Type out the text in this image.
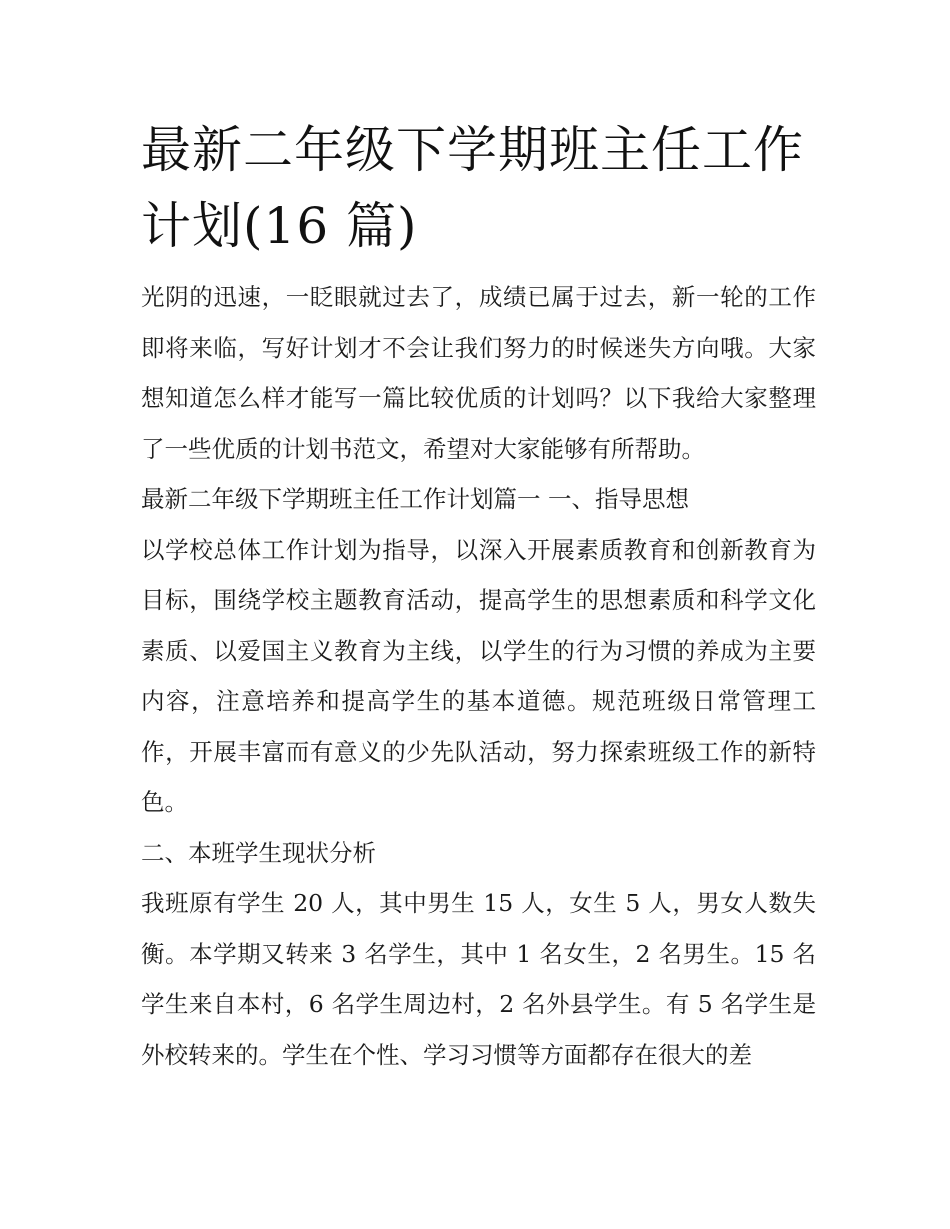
最新二年级下学期班主任工作计划(16 篇)

光阴的迅速，一眨眼就过去了，成绩已属于过去，新一轮的工作即将来临，写好计划才不会让我们努力的时候迷失方向哦。大家想知道怎么样才能写一篇比较优质的计划吗？以下我给大家整理了一些优质的计划书范文，希望对大家能够有所帮助。

最新二年级下学期班主任工作计划篇一 一、指导思想

以学校总体工作计划为指导，以深入开展素质教育和创新教育为目标，围绕学校主题教育活动，提高学生的思想素质和科学文化素质、以爱国主义教育为主线，以学生的行为习惯的养成为主要内容，注意培养和提高学生的基本道德。规范班级日常管理工作，开展丰富而有意义的少先队活动，努力探索班级工作的新特色。

二、本班学生现状分析

我班原有学生 20 人，其中男生 15 人，女生 5 人，男女人数失衡。本学期又转来 3 名学生，其中 1 名女生，2 名男生。15 名学生来自本村，6 名学生周边村，2 名外县学生。有 5 名学生是外校转来的。学生在个性、学习习惯等方面都存在很大的差
